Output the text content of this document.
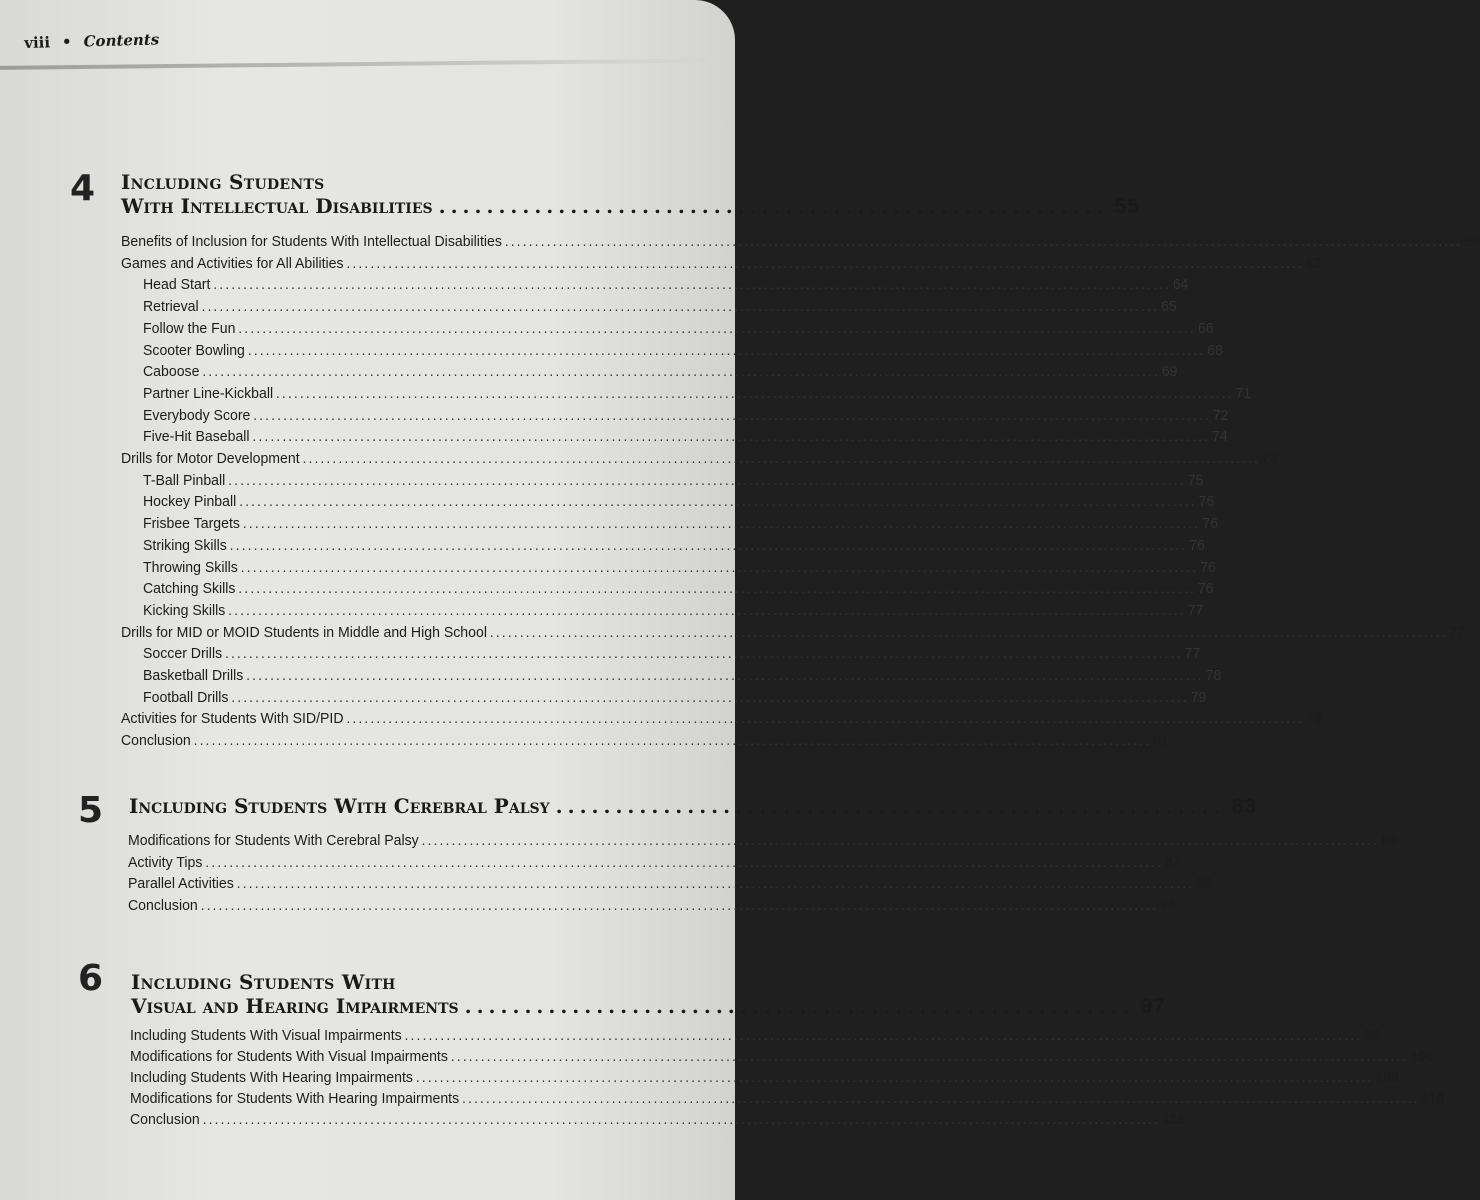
viii • Contents
4 Including Students
With Intellectual Disabilities ........................................................ 55
5 Including Students With Cerebral Palsy ........................................................ 83
6 Including Students With
Visual and Hearing Impairments ........................................................ 97
Benefits of Inclusion for Students With Intellectual Disabilities ................................................................................................................................................................ 58
Games and Activities for All Abilities ................................................................................................................................................................ 62
Head Start ................................................................................................................................................................ 64
Retrieval ................................................................................................................................................................ 65
Follow the Fun ................................................................................................................................................................ 66
Scooter Bowling ................................................................................................................................................................ 68
Caboose ................................................................................................................................................................ 69
Partner Line-Kickball ................................................................................................................................................................ 71
Everybody Score ................................................................................................................................................................ 72
Five-Hit Baseball ................................................................................................................................................................ 74
Drills for Motor Development ................................................................................................................................................................ 74
T-Ball Pinball ................................................................................................................................................................ 75
Hockey Pinball ................................................................................................................................................................ 76
Frisbee Targets ................................................................................................................................................................ 76
Striking Skills ................................................................................................................................................................ 76
Throwing Skills ................................................................................................................................................................ 76
Catching Skills ................................................................................................................................................................ 76
Kicking Skills ................................................................................................................................................................ 77
Drills for MID or MOID Students in Middle and High School ................................................................................................................................................................ 77
Soccer Drills ................................................................................................................................................................ 77
Basketball Drills ................................................................................................................................................................ 78
Football Drills ................................................................................................................................................................ 79
Activities for Students With SID/PID ................................................................................................................................................................ 79
Conclusion ................................................................................................................................................................ 81
Modifications for Students With Cerebral Palsy ................................................................................................................................................................ 86
Activity Tips ................................................................................................................................................................ 87
Parallel Activities ................................................................................................................................................................ 94
Conclusion ................................................................................................................................................................ 96
Including Students With Visual Impairments ................................................................................................................................................................ 98
Modifications for Students With Visual Impairments ................................................................................................................................................................ 100
Including Students With Hearing Impairments ................................................................................................................................................................ 109
Modifications for Students With Hearing Impairments ................................................................................................................................................................ 110
Conclusion ................................................................................................................................................................ 116
